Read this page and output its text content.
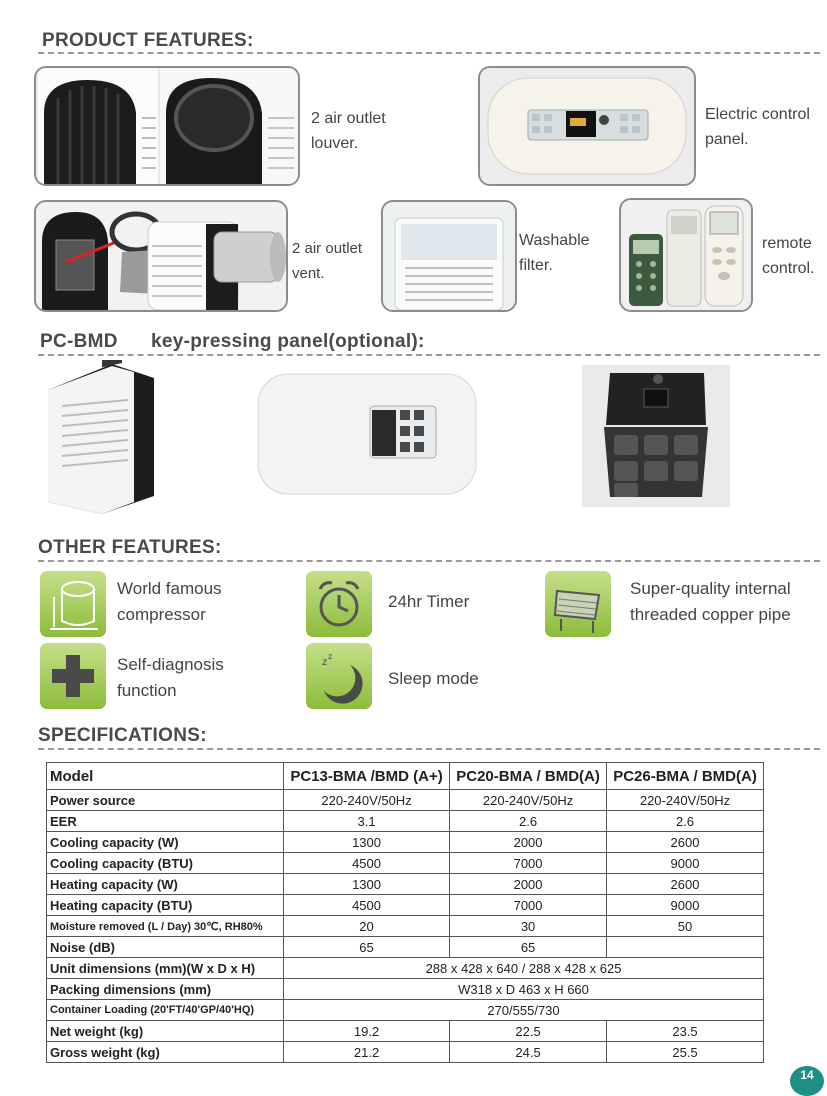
PRODUCT FEATURES:
2 air outlet
louver.
Electric control
panel.
2 air outlet
vent.
Washable
filter.
remote
control.
PC-BMD key-pressing panel(optional):
OTHER FEATURES:
World famous
compressor
24hr Timer
Super-quality internal
threaded copper pipe
Self-diagnosis
function
z
z
Sleep mode
SPECIFICATIONS:
Model	PC13-BMA /BMD (A+)	PC20-BMA / BMD(A)	PC26-BMA / BMD(A)
Power source	220-240V/50Hz	220-240V/50Hz	220-240V/50Hz
EER	3.1	2.6	2.6
Cooling capacity (W)	1300	2000	2600
Cooling capacity (BTU)	4500	7000	9000
Heating capacity (W)	1300	2000	2600
Heating capacity (BTU)	4500	7000	9000
Moisture removed (L / Day) 30℃, RH80%	20	30	50
Noise (dB)	65	65	
Unit dimensions (mm)(W x D x H)	288 x 428 x 640 / 288 x 428 x 625		
Packing dimensions (mm)	W318 x D 463 x H 660		
Container Loading (20'FT/40'GP/40'HQ)	270/555/730		
Net weight (kg)	19.2	22.5	23.5
Gross weight (kg)	21.2	24.5	25.5
14
